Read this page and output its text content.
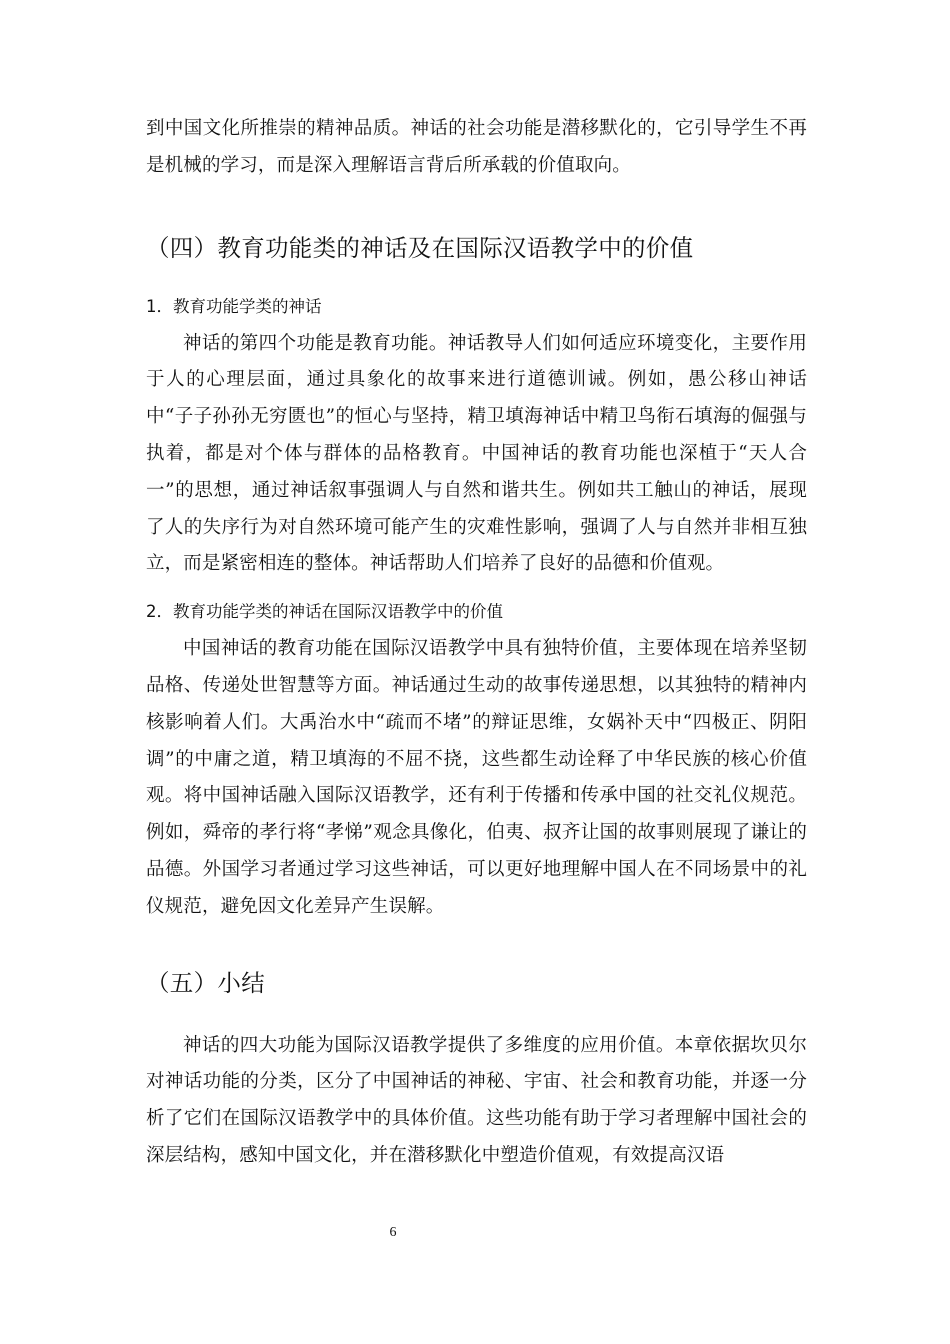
到中国文化所推崇的精神品质。神话的社会功能是潜移默化的，它引导学生不再是机械的学习，而是深入理解语言背后所承载的价值取向。

（四）教育功能类的神话及在国际汉语教学中的价值
1．教育功能学类的神话

神话的第四个功能是教育功能。神话教导人们如何适应环境变化，主要作用于人的心理层面，通过具象化的故事来进行道德训诫。例如，愚公移山神话中“子子孙孙无穷匮也”的恒心与坚持，精卫填海神话中精卫鸟衔石填海的倔强与执着，都是对个体与群体的品格教育。中国神话的教育功能也深植于“天人合一”的思想，通过神话叙事强调人与自然和谐共生。例如共工触山的神话，展现了人的失序行为对自然环境可能产生的灾难性影响，强调了人与自然并非相互独立，而是紧密相连的整体。神话帮助人们培养了良好的品德和价值观。

2．教育功能学类的神话在国际汉语教学中的价值

中国神话的教育功能在国际汉语教学中具有独特价值，主要体现在培养坚韧品格、传递处世智慧等方面。神话通过生动的故事传递思想，以其独特的精神内核影响着人们。大禹治水中“疏而不堵”的辩证思维，女娲补天中“四极正、阴阳调”的中庸之道，精卫填海的不屈不挠，这些都生动诠释了中华民族的核心价值观。将中国神话融入国际汉语教学，还有利于传播和传承中国的社交礼仪规范。例如，舜帝的孝行将“孝悌”观念具像化，伯夷、叔齐让国的故事则展现了谦让的品德。外国学习者通过学习这些神话，可以更好地理解中国人在不同场景中的礼仪规范，避免因文化差异产生误解。

（五）小结

神话的四大功能为国际汉语教学提供了多维度的应用价值。本章依据坎贝尔对神话功能的分类，区分了中国神话的神秘、宇宙、社会和教育功能，并逐一分析了它们在国际汉语教学中的具体价值。这些功能有助于学习者理解中国社会的深层结构，感知中国文化，并在潜移默化中塑造价值观，有效提高汉语

6
